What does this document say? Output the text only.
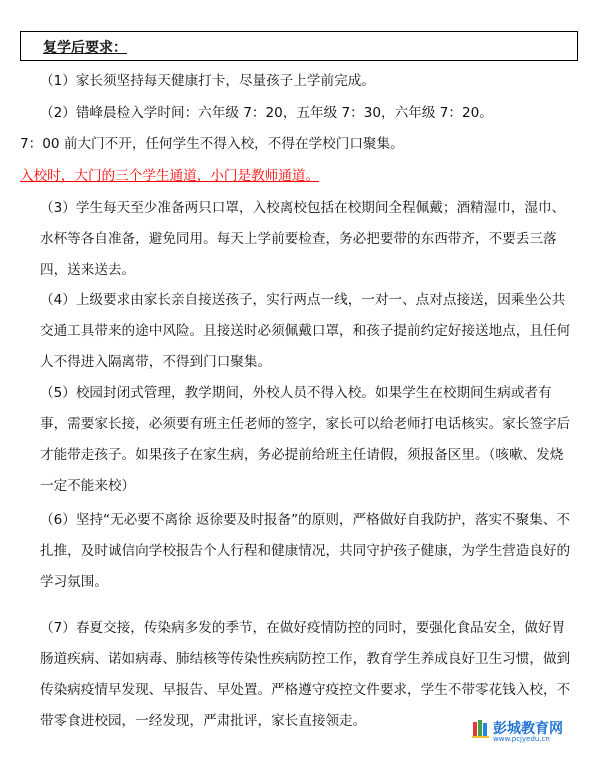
复学后要求：
（1）家长须坚持每天健康打卡，尽量孩子上学前完成。
（2）错峰晨检入学时间：六年级 7：20，五年级 7：30，六年级 7：20。
7：00 前大门不开，任何学生不得入校，不得在学校门口聚集。
入校时，大门的三个学生通道，小门是教师通道。
（3）学生每天至少准备两只口罩，入校离校包括在校期间全程佩戴；酒精湿巾，湿巾、水杯等各自准备，避免同用。每天上学前要检查，务必把要带的东西带齐，不要丢三落四，送来送去。
（4）上级要求由家长亲自接送孩子，实行两点一线，一对一、点对点接送，因乘坐公共交通工具带来的途中风险。且接送时必须佩戴口罩，和孩子提前约定好接送地点，且任何人不得进入隔离带，不得到门口聚集。
（5）校园封闭式管理，教学期间，外校人员不得入校。如果学生在校期间生病或者有事，需要家长接，必须要有班主任老师的签字，家长可以给老师打电话核实。家长签字后才能带走孩子。如果孩子在家生病，务必提前给班主任请假，须报备区里。（咳嗽、发烧一定不能来校）
（6）坚持“无必要不离徐 返徐要及时报备”的原则，严格做好自我防护，落实不聚集、不扎推，及时诚信向学校报告个人行程和健康情况，共同守护孩子健康，为学生营造良好的学习氛围。
（7）春夏交接，传染病多发的季节，在做好疫情防控的同时，要强化食品安全，做好胃肠道疾病、诺如病毒、肺结核等传染性疾病防控工作，教育学生养成良好卫生习惯，做到传染病疫情早发现、早报告、早处置。严格遵守疫控文件要求，学生不带零花钱入校，不带零食进校园，一经发现，严肃批评，家长直接领走。	彭城教育网
www.pcjyedu.cn
